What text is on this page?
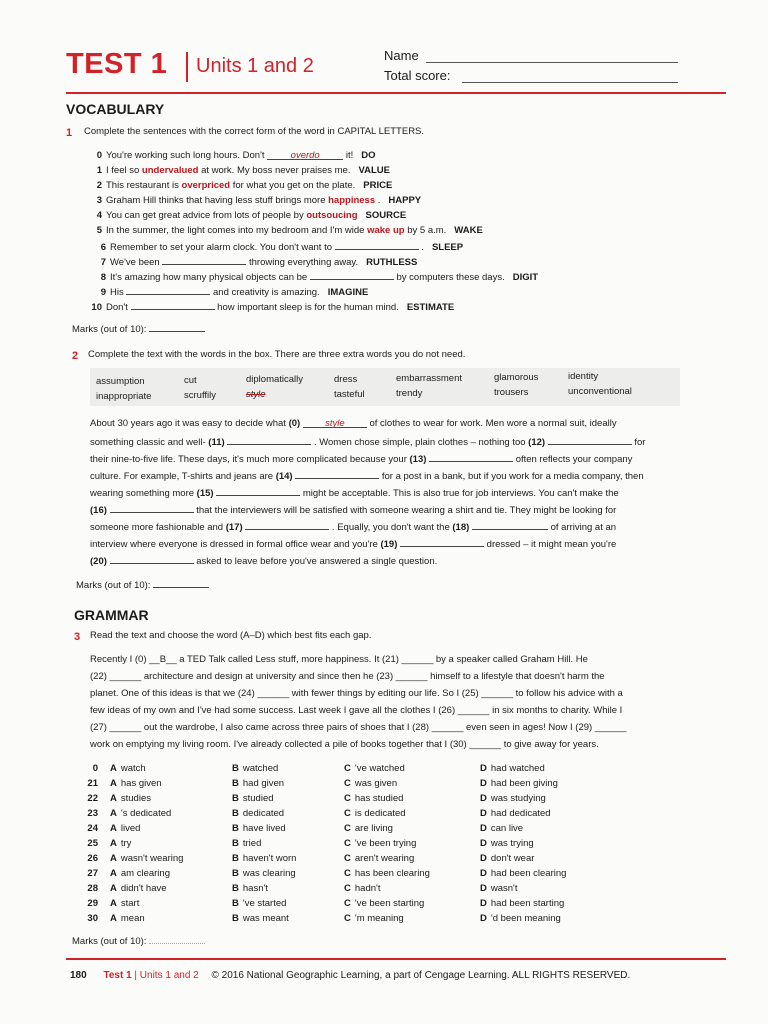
TEST 1 Units 1 and 2	Name
Total score:
VOCABULARY
1 Complete the sentences with the correct form of the word in CAPITAL LETTERS.
0 You're working such long hours. Don't	overdo	it! DO
1 I feel so undervalued at work. My boss never praises me. VALUE
2 This restaurant is overpriced for what you get on the plate. PRICE
3 Graham Hill thinks that having less stuff brings more happiness . HAPPY
4 You can get great advice from lots of people by outsoucing SOURCE
5 In the summer, the light comes into my bedroom and I'm wide wake up by 5 a.m. WAKE
6 Remember to set your alarm clock. You don't want to	. SLEEP
7 We've been	throwing everything away. RUTHLESS
8 It's amazing how many physical objects can be	by computers these days. DIGIT
9 His	and creativity is amazing. IMAGINE
10 Don't	how important sleep is for the human mind. ESTIMATE
Marks (out of 10):
2 Complete the text with the words in the box. There are three extra words you do not need.
assumption	cut	diplomatically	dress	embarrassment	glamorous	identity
inappropriate	scruffily	style	tasteful	trendy	trousers	unconventional
About 30 years ago it was easy to decide what (0)	style	of clothes to wear for work. Men wore a normal suit, ideally
something classic and well- (11)	. Women chose simple, plain clothes – nothing too (12)	for
their nine-to-five life. These days, it's much more complicated because your (13)	often reflects your company
culture. For example, T-shirts and jeans are (14)	for a post in a bank, but if you work for a media company, then
wearing something more (15)	might be acceptable. This is also true for job interviews. You can't make the
(16)	that the interviewers will be satisfied with someone wearing a shirt and tie. They might be looking for
someone more fashionable and (17)	. Equally, you don't want the (18)	of arriving at an
interview where everyone is dressed in formal office wear and you're (19)	dressed – it might mean you're
(20)	asked to leave before you've answered a single question.
Marks (out of 10):
GRAMMAR
3 Read the text and choose the word (A–D) which best fits each gap.
Recently I (0) __B__ a TED Talk called Less stuff, more happiness. It (21) ______ by a speaker called Graham Hill. He
(22) ______ architecture and design at university and since then he (23) ______ himself to a lifestyle that doesn't harm the
planet. One of this ideas is that we (24) ______ with fewer things by editing our life. So I (25) ______ to follow his advice with a
few ideas of my own and I've had some success. Last week I gave all the clothes I (26) ______ in six months to charity. While I
(27) ______ out the wardrobe, I also came across three pairs of shoes that I (28) ______ even seen in ages! Now I (29) ______
work on emptying my living room. I've already collected a pile of books together that I (30) ______ to give away for years.
0 A watch	B watched	C 've watched	D had watched
21 A has given	B had given	C was given	D had been giving
22 A studies	B studied	C has studied	D was studying
23 A 's dedicated	B dedicated	C is dedicated	D had dedicated
24 A lived	B have lived	C are living	D can live
25 A try	B tried	C 've been trying	D was trying
26 A wasn't wearing	B haven't worn	C aren't wearing	D don't wear
27 A am clearing	B was clearing	C has been clearing	D had been clearing
28 A didn't have	B hasn't	C hadn't	D wasn't
29 A start	B 've started	C 've been starting	D had been starting
30 A mean	B was meant	C 'm meaning	D 'd been meaning
Marks (out of 10):
180 Test 1 | Units 1 and 2 © 2016 National Geographic Learning, a part of Cengage Learning. ALL RIGHTS RESERVED.
